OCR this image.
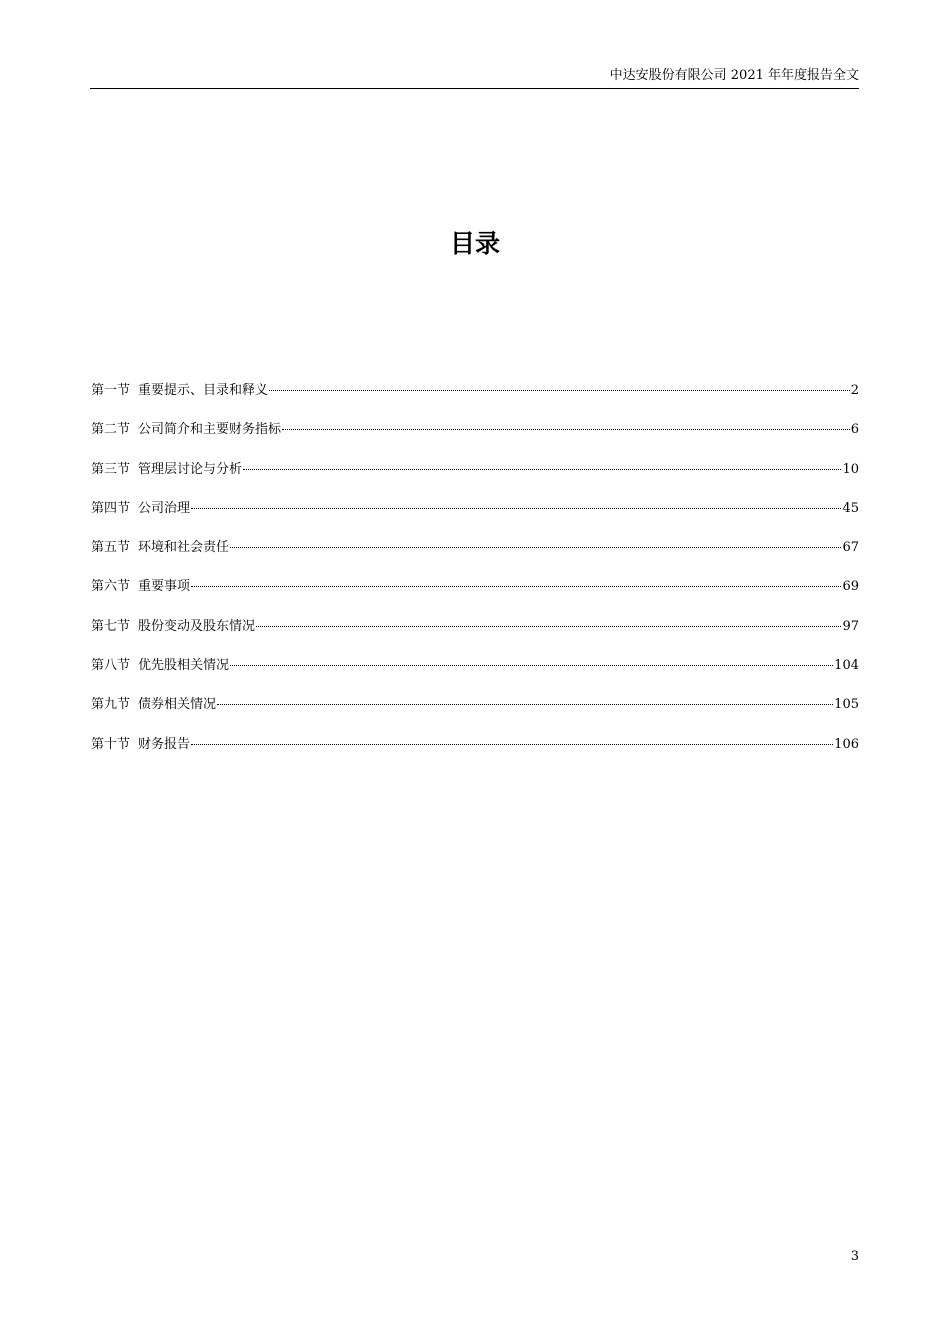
中达安股份有限公司 2021 年年度报告全文
目录
第一节 重要提示、目录和释义	2
第二节 公司简介和主要财务指标	6
第三节 管理层讨论与分析	10
第四节 公司治理	45
第五节 环境和社会责任	67
第六节 重要事项	69
第七节 股份变动及股东情况	97
第八节 优先股相关情况	104
第九节 债券相关情况	105
第十节 财务报告	106
3
